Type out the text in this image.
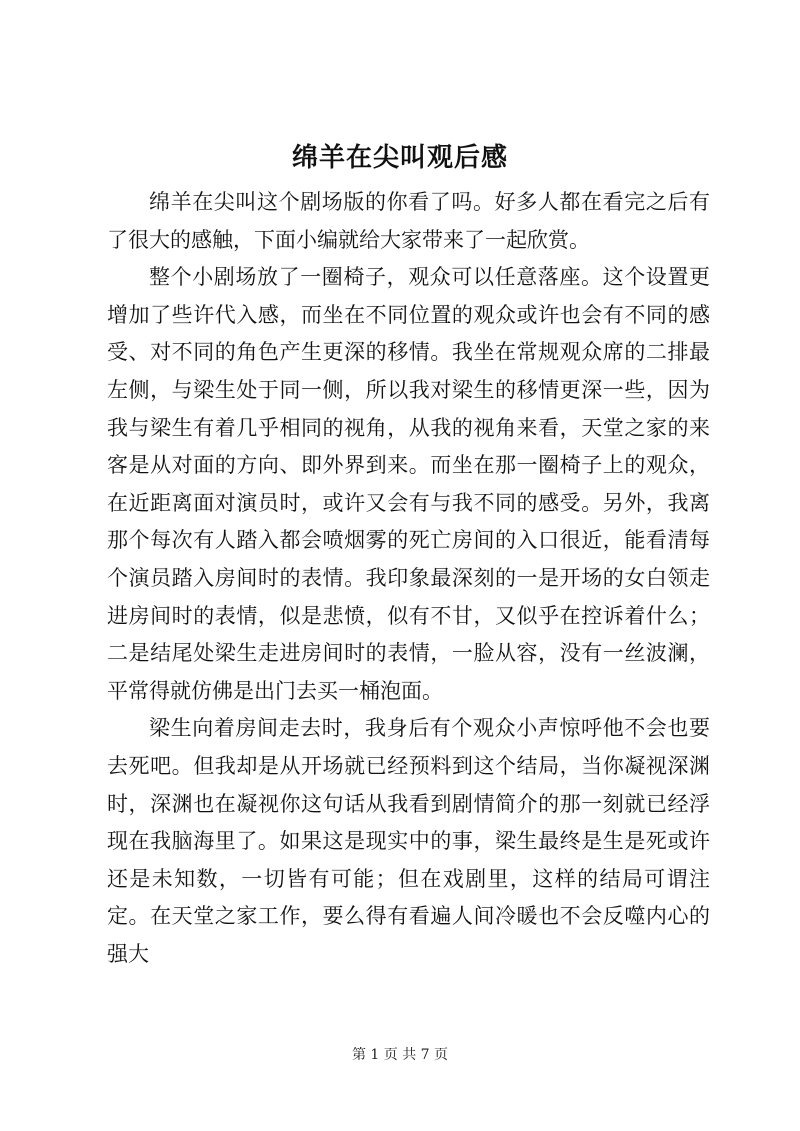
绵羊在尖叫观后感

绵羊在尖叫这个剧场版的你看了吗。好多人都在看完之后有了很大的感触，下面小编就给大家带来了一起欣赏。

整个小剧场放了一圈椅子，观众可以任意落座。这个设置更增加了些许代入感，而坐在不同位置的观众或许也会有不同的感受、对不同的角色产生更深的移情。我坐在常规观众席的二排最左侧，与梁生处于同一侧，所以我对梁生的移情更深一些，因为我与梁生有着几乎相同的视角，从我的视角来看，天堂之家的来客是从对面的方向、即外界到来。而坐在那一圈椅子上的观众，在近距离面对演员时，或许又会有与我不同的感受。另外，我离那个每次有人踏入都会喷烟雾的死亡房间的入口很近，能看清每个演员踏入房间时的表情。我印象最深刻的一是开场的女白领走进房间时的表情，似是悲愤，似有不甘，又似乎在控诉着什么；二是结尾处梁生走进房间时的表情，一脸从容，没有一丝波澜，平常得就仿佛是出门去买一桶泡面。

梁生向着房间走去时，我身后有个观众小声惊呼他不会也要去死吧。但我却是从开场就已经预料到这个结局，当你凝视深渊时，深渊也在凝视你这句话从我看到剧情简介的那一刻就已经浮现在我脑海里了。如果这是现实中的事，梁生最终是生是死或许还是未知数，一切皆有可能；但在戏剧里，这样的结局可谓注定。在天堂之家工作，要么得有看遍人间冷暖也不会反噬内心的强大

第 1 页 共 7 页
